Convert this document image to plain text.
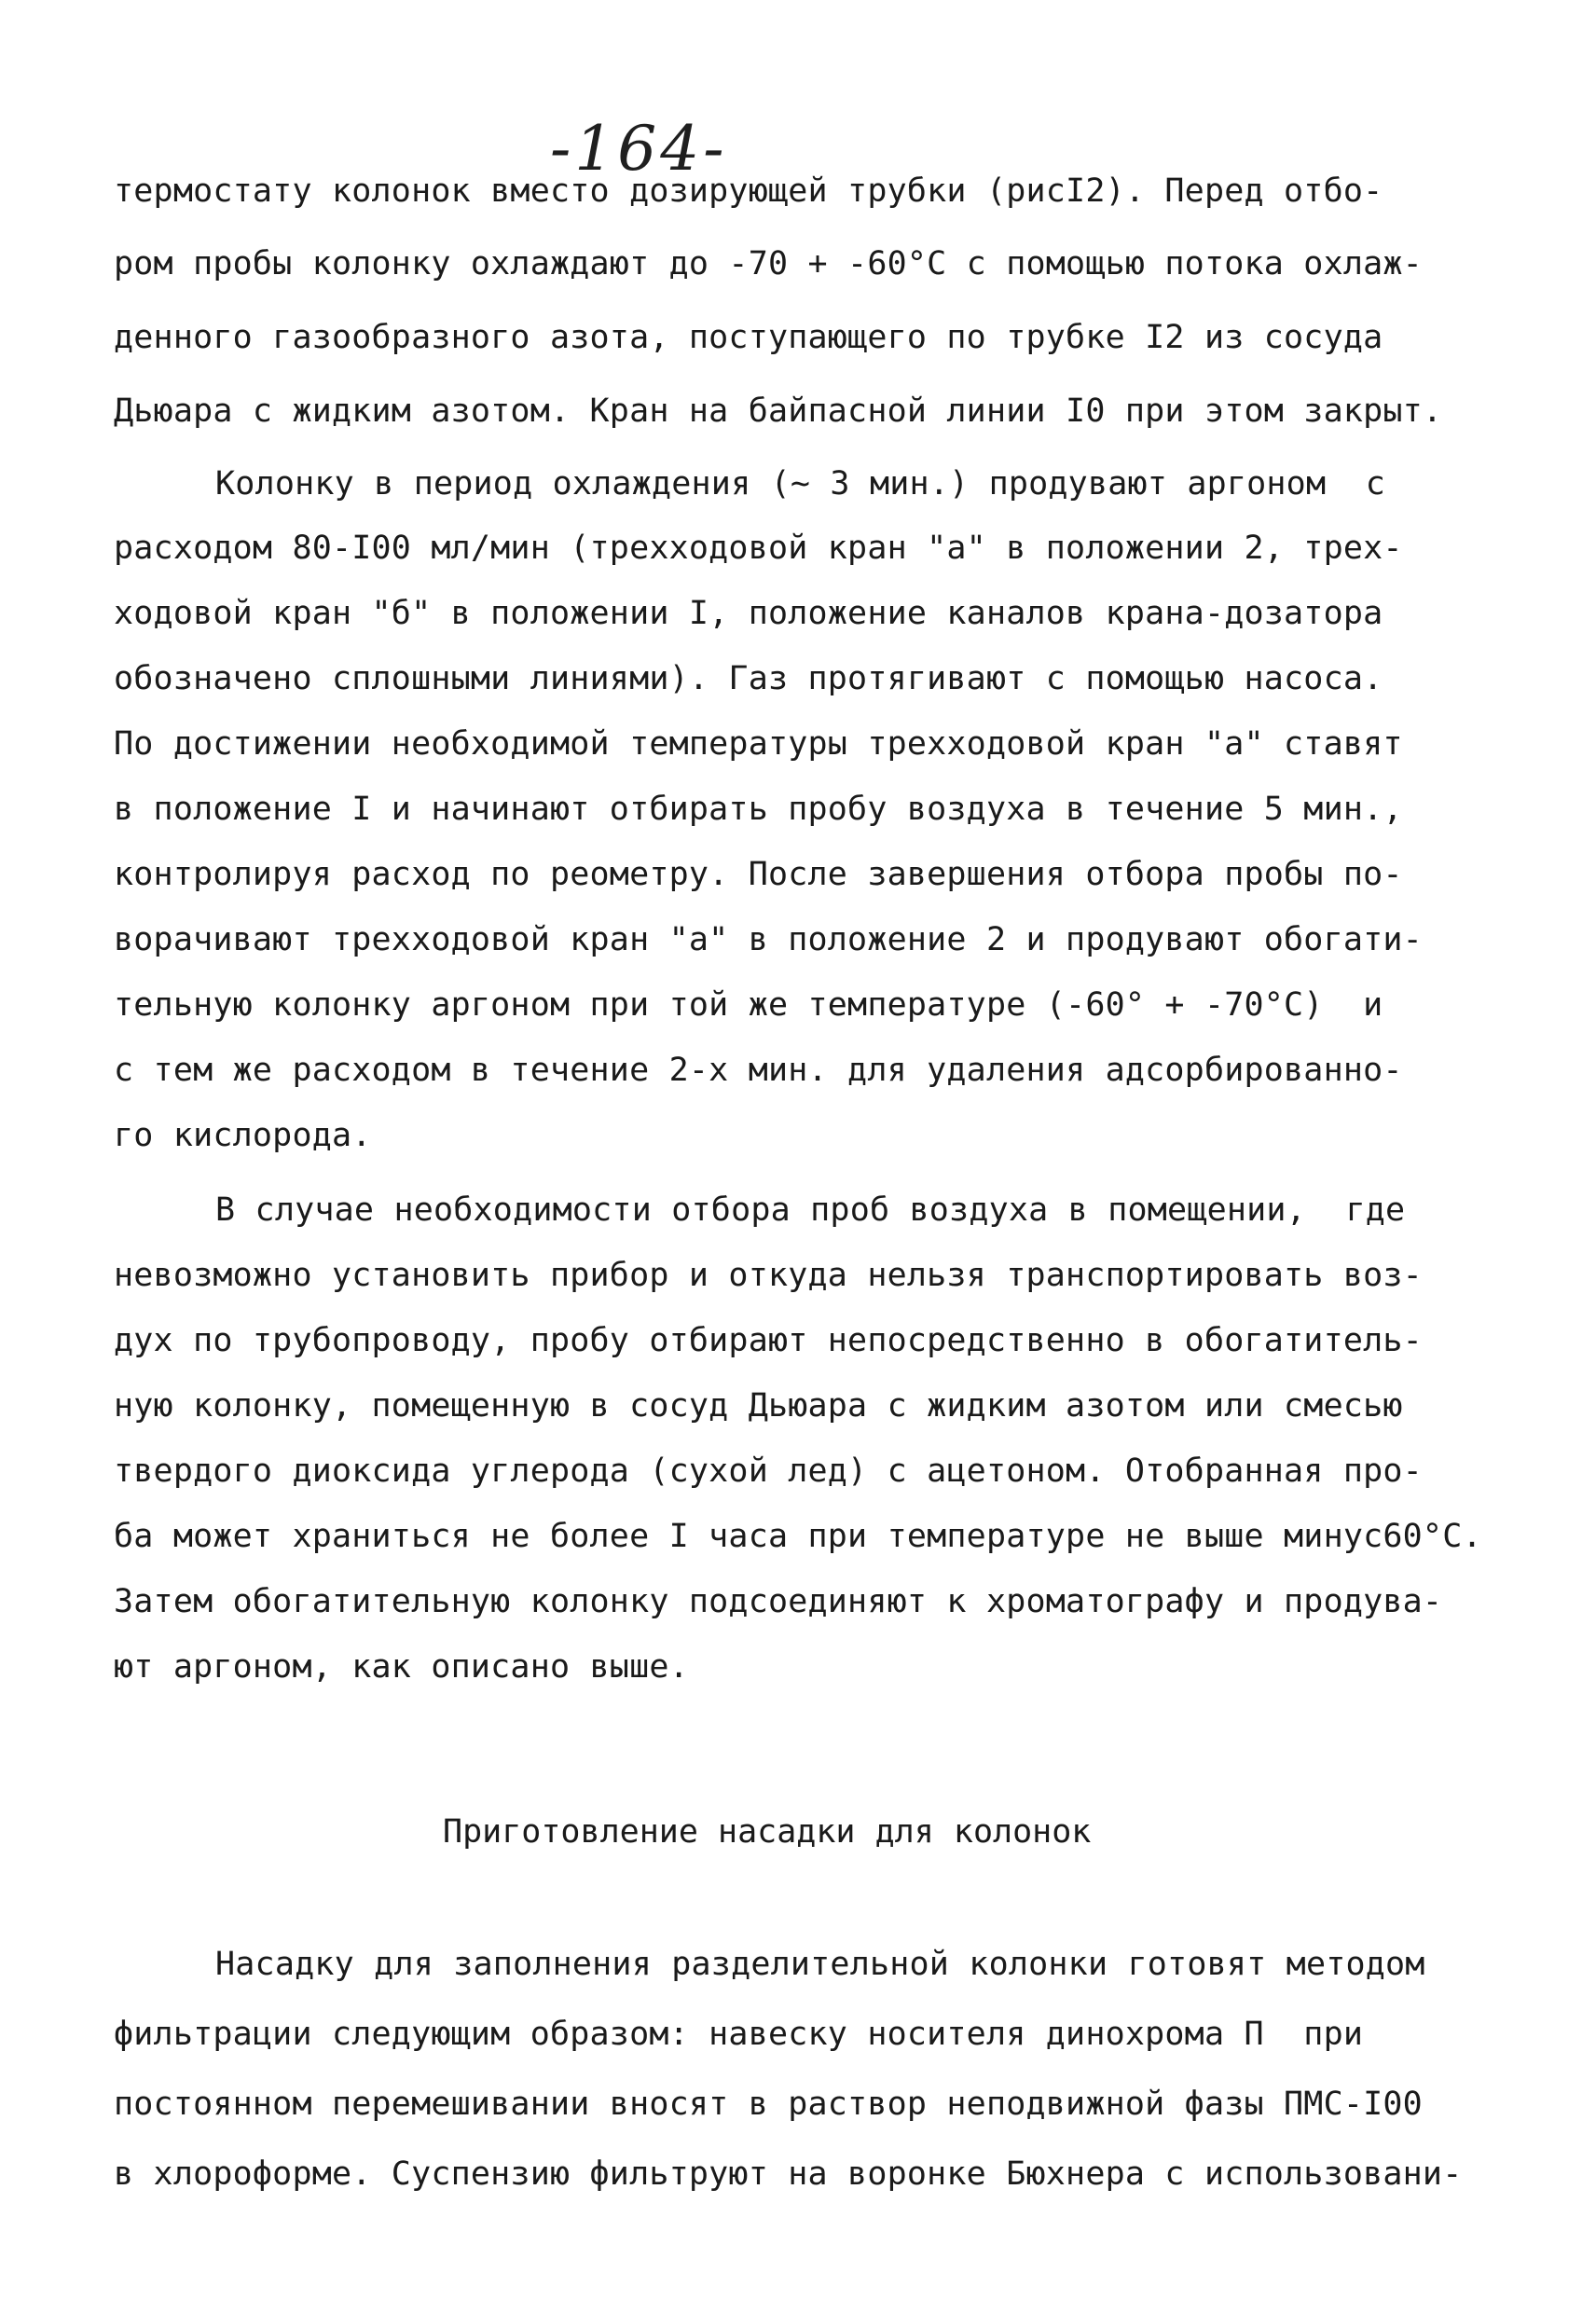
-164-
термостату колонок вместо дозирующей трубки (рисI2). Перед отбо-
ром пробы колонку охлаждают до -70 + -60°С с помощью потока охлаж-
денного газообразного азота, поступающего по трубке I2 из сосуда
Дьюара с жидким азотом. Кран на байпасной линии I0 при этом закрыт.
Колонку в период охлаждения (~ 3 мин.) продувают аргоном  с
расходом 80-I00 мл/мин (трехходовой кран "а" в положении 2, трех-
ходовой кран "б" в положении I, положение каналов крана-дозатора
обозначено сплошными линиями). Газ протягивают с помощью насоса.
По достижении необходимой температуры трехходовой кран "а" ставят
в положение I и начинают отбирать пробу воздуха в течение 5 мин.,
контролируя расход по реометру. После завершения отбора пробы по-
ворачивают трехходовой кран "а" в положение 2 и продувают обогати-
тельную колонку аргоном при той же температуре (-60° + -70°С)  и
с тем же расходом в течение 2-х мин. для удаления адсорбированно-
го кислорода.
В случае необходимости отбора проб воздуха в помещении,  где
невозможно установить прибор и откуда нельзя транспортировать воз-
дух по трубопроводу, пробу отбирают непосредственно в обогатитель-
ную колонку, помещенную в сосуд Дьюара с жидким азотом или смесью
твердого диоксида углерода (сухой лед) с ацетоном. Отобранная про-
ба может храниться не более I часа при температуре не выше минус60°С.
Затем обогатительную колонку подсоединяют к хроматографу и продува-
ют аргоном, как описано выше.
Приготовление насадки для колонок
Насадку для заполнения разделительной колонки готовят методом
фильтрации следующим образом: навеску носителя динохрома П  при
постоянном перемешивании вносят в раствор неподвижной фазы ПМС-I00
в хлороформе. Суспензию фильтруют на воронке Бюхнера с использовани-
